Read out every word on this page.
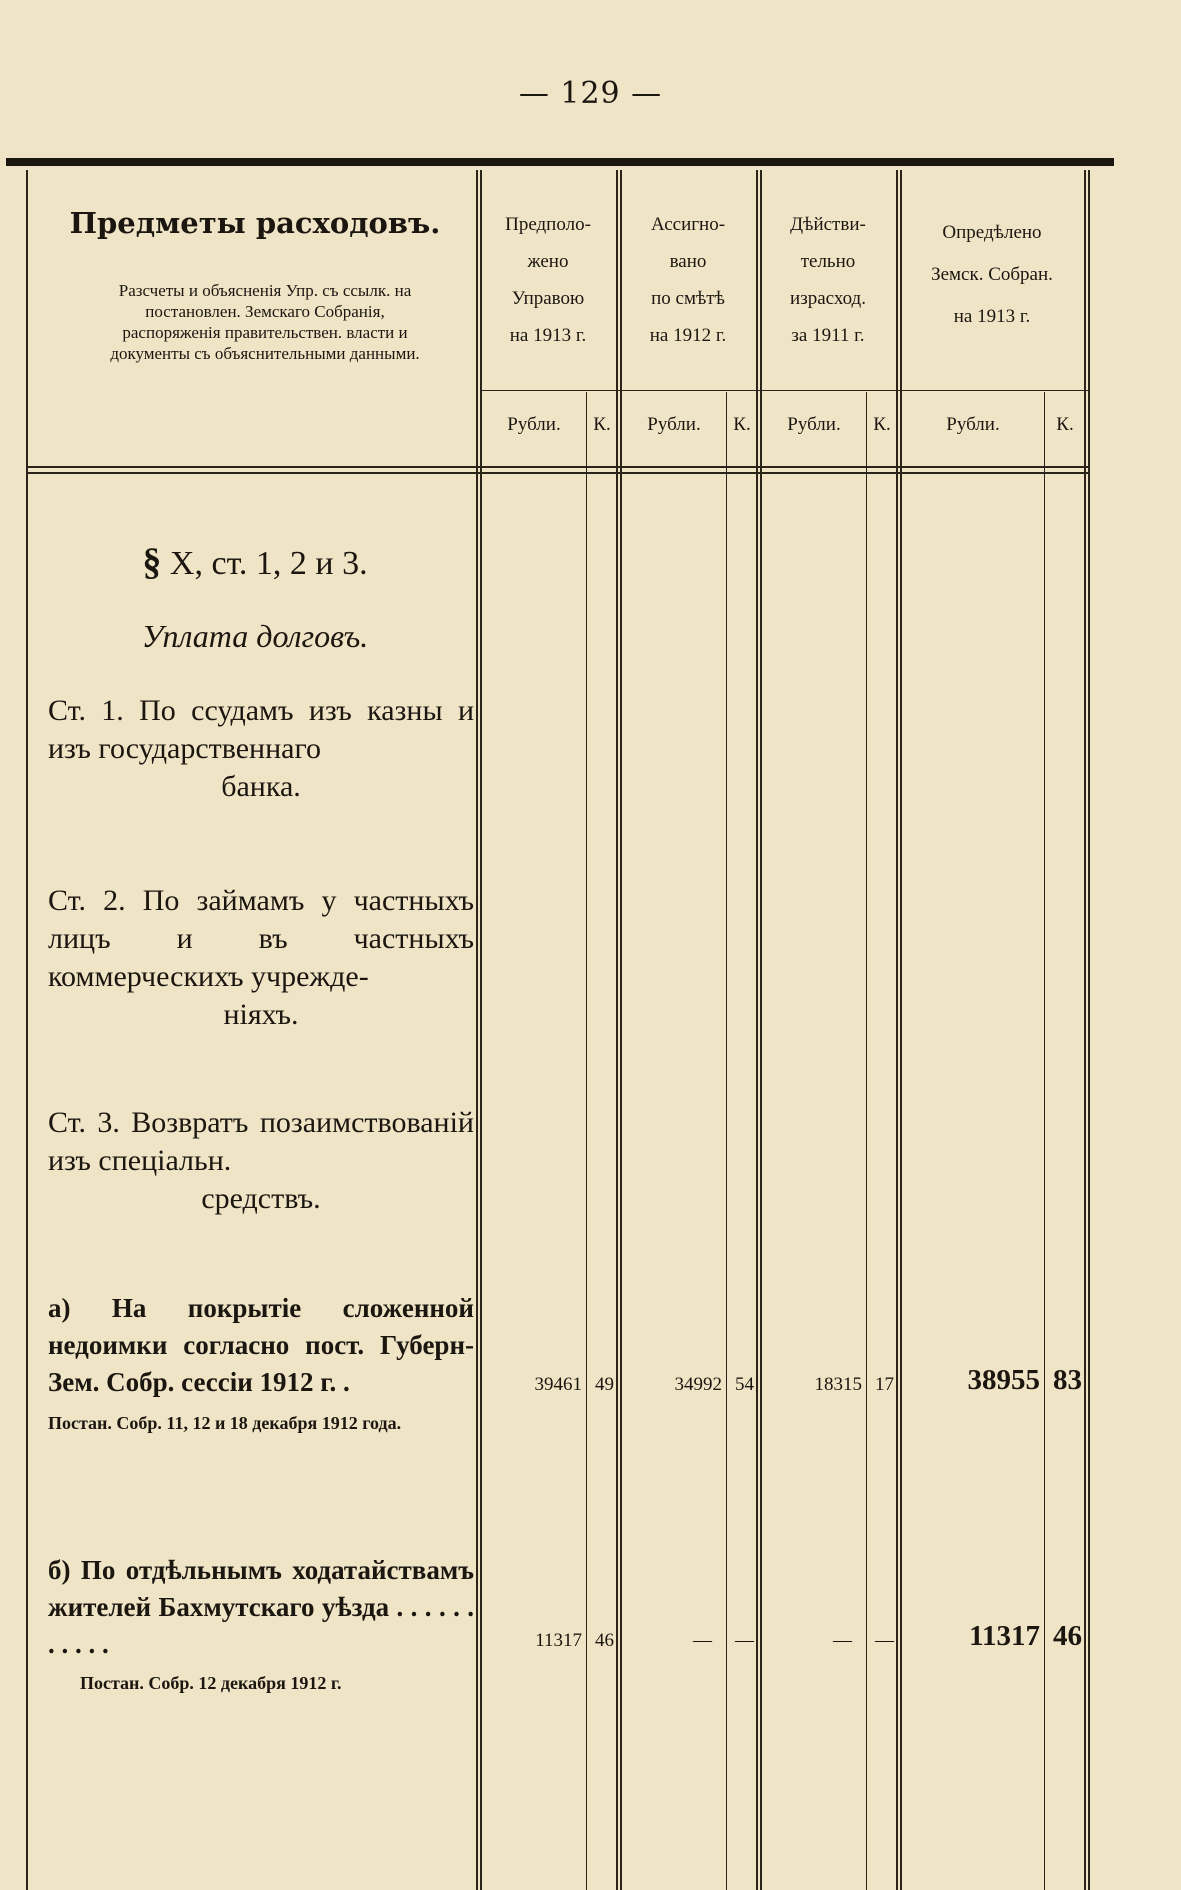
— 129 —
Предметы расходовъ.
Разсчеты и объясненія Упр. съ ссылк. на постановлен. Земскаго Собранія, распоряженія правительствен. власти и документы съ объяснительными данными.
Предполо-
жено
Управою
на 1913 г.
Ассигно-
вано
по смѣтѣ
на 1912 г.
Дѣйстви-
тельно
израсход.
за 1911 г.
Опредѣлено
Земск. Собран.
на 1913 г.
Рубли.	К.	Рубли.	К.	Рубли.	К.	Рубли.	К.
§ X, ст. 1, 2 и 3.
Уплата долговъ.
Ст. 1. По ссудамъ изъ казны и изъ государственнаго
банка.
Ст. 2. По займамъ у частныхъ лицъ и въ частныхъ коммерческихъ учрежде-
ніяхъ.
Ст. 3. Возвратъ позаимствованій изъ спеціальн.
средствъ.
а) На покрытіе сложенной недоимки согласно пост. Губерн- Зем. Собр. сессіи 1912 г. .
Постан. Собр. 11, 12 и 18 декабря 1912 года.
39461 49	34992 54	18315 17	38955 83
б) По отдѣльнымъ ходатайствамъ жителей Бахмутскаго уѣзда . . . . . . . . . . .
Постан. Собр. 12 декабря 1912 г.
11317 46	—	—	—	—	11317 46
